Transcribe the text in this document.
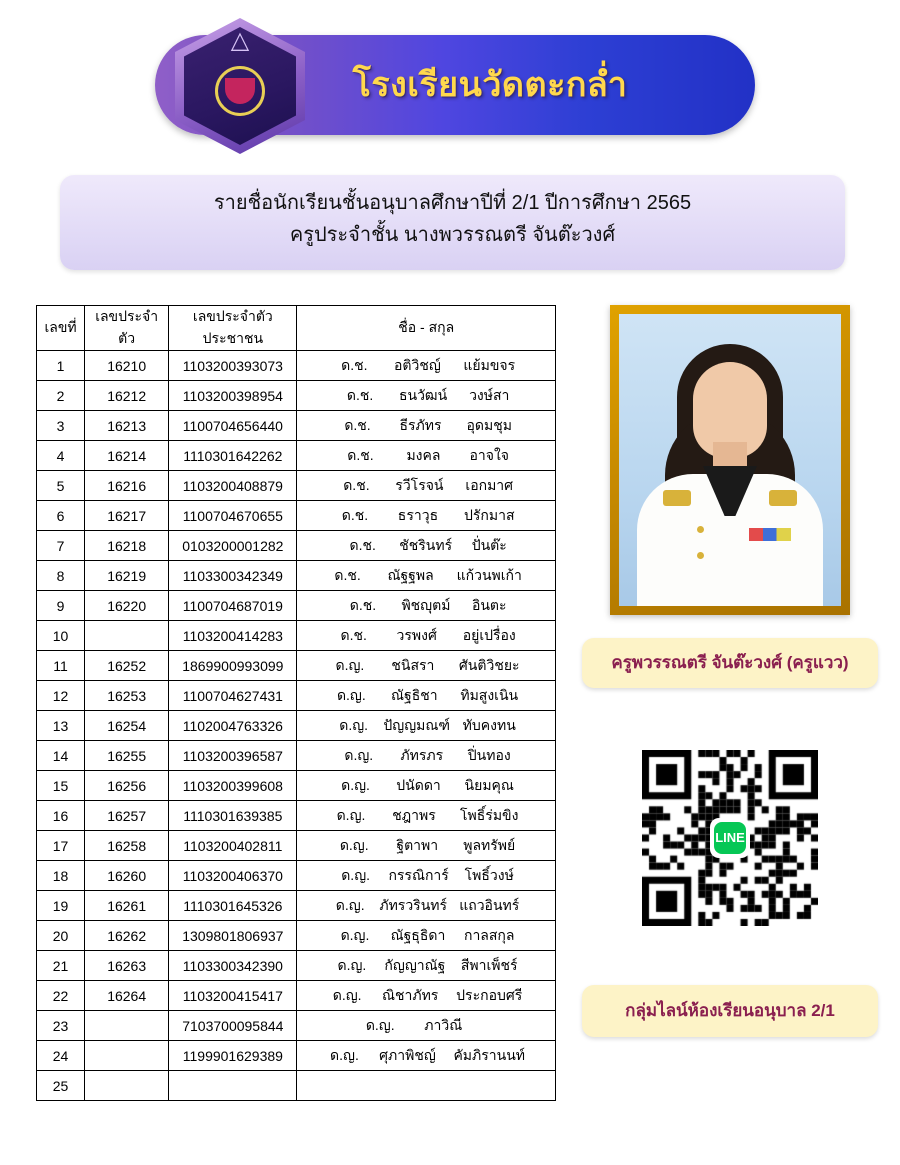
โรงเรียนวัดตะกล่ำ
△
รายชื่อนักเรียนชั้นอนุบาลศึกษาปีที่ 2/1 ปีการศึกษา 2565
ครูประจำชั้น นางพวรรณตรี จันต๊ะวงศ์
เลขที่	เลขประจำตัว	เลขประจำตัวประชาชน	ชื่อ - สกุล
1	16210	1103200393073	ด.ช. อติวิชญ์ แย้มขจร
2	16212	1103200398954	ด.ช. ธนวัฒน์ วงษ์สา
3	16213	1100704656440	ด.ช. ธีรภัทร อุดมชุม
4	16214	1110301642262	ด.ช. มงคล อาจใจ
5	16216	1103200408879	ด.ช. รวีโรจน์ เอกมาศ
6	16217	1100704670655	ด.ช. ธราวุธ ปรักมาส
7	16218	0103200001282	ด.ช. ชัชรินทร์ ปั่นต๊ะ
8	16219	1103300342349	ด.ช. ณัฐฐพล แก้วนพเก้า
9	16220	1100704687019	ด.ช. พิชญุตม์ อินตะ
10		1103200414283	ด.ช. วรพงศ์ อยู่เปรื่อง
11	16252	1869900993099	ด.ญ. ชนิสรา ศันติวิชยะ
12	16253	1100704627431	ด.ญ. ณัฐธิชา ทิมสูงเนิน
13	16254	1102004763326	ด.ญ. ปัญญมณฑ์ ทับคงทน
14	16255	1103200396587	ด.ญ. ภัทรภร ปิ่นทอง
15	16256	1103200399608	ด.ญ. ปนัดดา นิยมคุณ
16	16257	1110301639385	ด.ญ. ชฎาพร โพธิ์ร่มขิง
17	16258	1103200402811	ด.ญ. ฐิตาพา พูลทรัพย์
18	16260	1103200406370	ด.ญ. กรรณิการ์ โพธิ์วงษ์
19	16261	1110301645326	ด.ญ. ภัทรวรินทร์ แถวอินทร์
20	16262	1309801806937	ด.ญ. ณัฐธุธิดา กาลสกุล
21	16263	1103300342390	ด.ญ. กัญญาณัฐ สีพาเพ็ชร์
22	16264	1103200415417	ด.ญ. ณิชาภัทร ประกอบศรี
23		7103700095844	ด.ญ. ภาวิณี
24		1199901629389	ด.ญ. ศุภาพิชญ์ คัมภิรานนท์
25			
ครูพวรรณตรี จันต๊ะวงศ์ (ครูแวว)
LINE
กลุ่มไลน์ห้องเรียนอนุบาล 2/1
